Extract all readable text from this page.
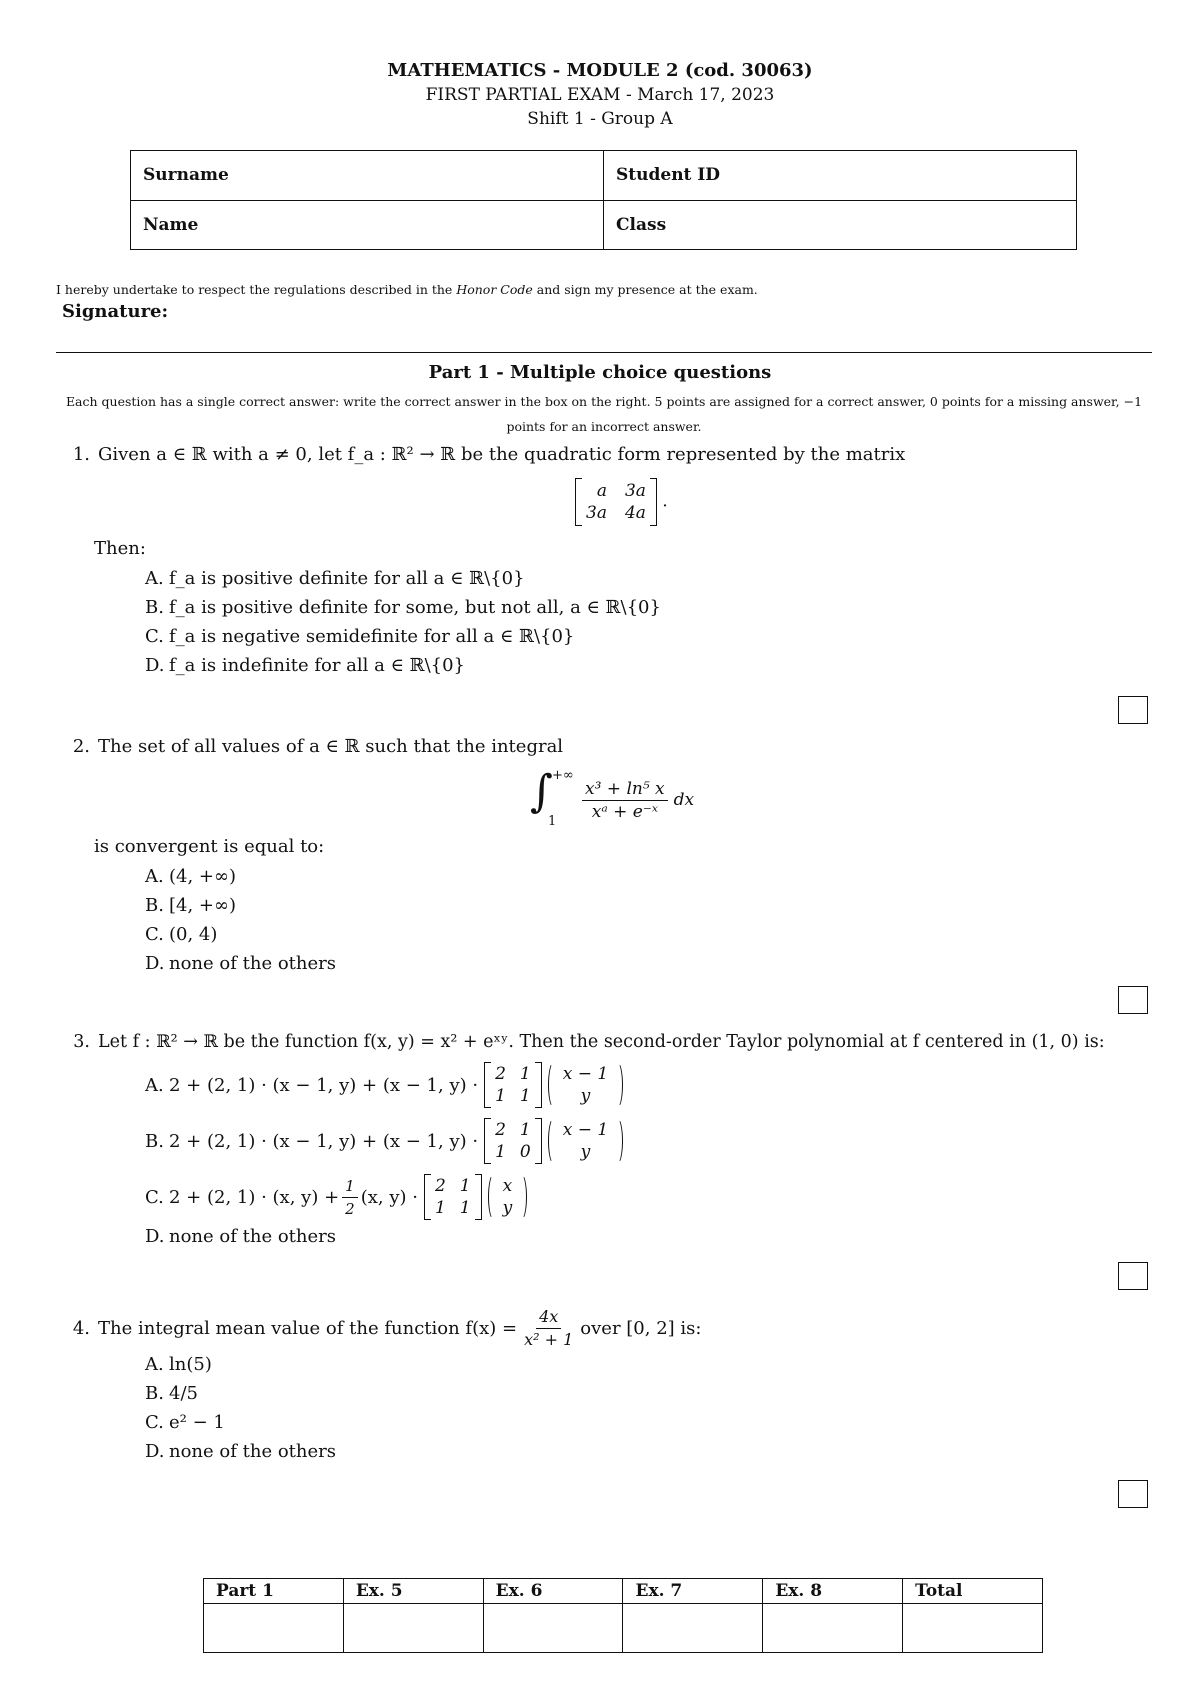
MATHEMATICS - MODULE 2 (cod. 30063)
FIRST PARTIAL EXAM - March 17, 2023
Shift 1 - Group A
Surname	Student ID
Name	Class
I hereby undertake to respect the regulations described in the Honor Code and sign my presence at the exam.
Signature:
Part 1 - Multiple choice questions
Each question has a single correct answer: write the correct answer in the box on the right. 5 points are assigned for a correct answer, 0 points for a missing answer, −1 points for an incorrect answer.
1. Given a ∈ ℝ with a ≠ 0, let f_a : ℝ² → ℝ be the quadratic form represented by the matrix
a 3a
3a 4a
.
Then:
A. f_a is positive definite for all a ∈ ℝ\{0}
B. f_a is positive definite for some, but not all, a ∈ ℝ\{0}
C. f_a is negative semidefinite for all a ∈ ℝ\{0}
D. f_a is indefinite for all a ∈ ℝ\{0}
2. The set of all values of a ∈ ℝ such that the integral
∫ +∞
$1 \frac{\text{x³ + ln⁵ x}}{\text{xᵃ + e⁻ˣ}}$ dx
is convergent is equal to:
A. (4, +∞)
B. [4, +∞)
C. (0, 4)
D. none of the others
3. Let f : ℝ² → ℝ be the function f(x, y) = x² + eˣʸ. Then the second-order Taylor polynomial at f centered in (1, 0) is:
A. 2 + (2, 1) · (x − 1, y) + (x − 1, y) ·
2 1
1 1
x − 1
y
B. 2 + (2, 1) · (x − 1, y) + (x − 1, y) ·
2 1
1 0
x − 1
y
C. 2 + (2, 1) · (x, $y) + \frac{1}{2} (x$, y) ·
2 1
1 1
x
y
D. none of the others
4. The integral mean value of the function $f(x) = \frac{4x}{\text{x² + 1}}$ over [0, 2] is:
A. ln(5)
B. 4/5
C. e² − 1
D. none of the others
Part 1	Ex. 5	Ex. 6	Ex. 7	Ex. 8	Total
